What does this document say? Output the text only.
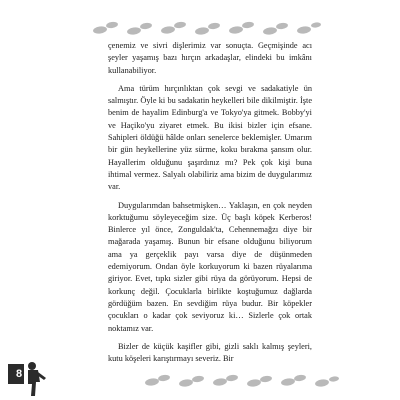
çenemiz ve sivri dişlerimiz var sonuçta. Geçmişinde acı şeyler yaşamış bazı hırçın arkadaşlar, elindeki bu imkânı kullanabiliyor.

Ama türüm hırçınlıktan çok sevgi ve sadakatiyle ün salmıştır. Öyle ki bu sadakatin heykelleri bile dikilmiştir. İşte benim de hayalim Edinburg'a ve Tokyo'ya gitmek. Bobby'yi ve Haçiko'yu ziyaret etmek. Bu ikisi bizler için efsane. Sahipleri öldüğü hâlde onları senelerce beklemişler. Umarım bir gün heykellerine yüz sürme, koku bırakma şansım olur. Hayallerim olduğunu şaşırdınız mı? Pek çok kişi buna ihtimal vermez. Salyalı olabiliriz ama bizim de duygularımız var.

Duygularımdan bahsetmişken… Yaklaşın, en çok neyden korktuğumu söyleyeceğim size. Üç başlı köpek Kerberos! Binlerce yıl önce, Zonguldak'ta, Cehennemağzı diye bir mağarada yaşamış. Bunun bir efsane olduğunu biliyorum ama ya gerçeklik payı varsa diye de düşünmeden edemiyorum. Ondan öyle korkuyorum ki bazen rüyalarıma giriyor. Evet, tıpkı sizler gibi rüya da görüyorum. Hepsi de korkunç değil. Çocuklarla birlikte koştuğumuz dağlarda gördüğüm bazen. En sevdiğim rüya budur. Bir köpekler çocukları o kadar çok seviyoruz ki… Sizlerle çok ortak noktamız var.

Bizler de küçük kaşifler gibi, gizli saklı kalmış şeyleri, kutu köşeleri karıştırmayı severiz. Bir

8
